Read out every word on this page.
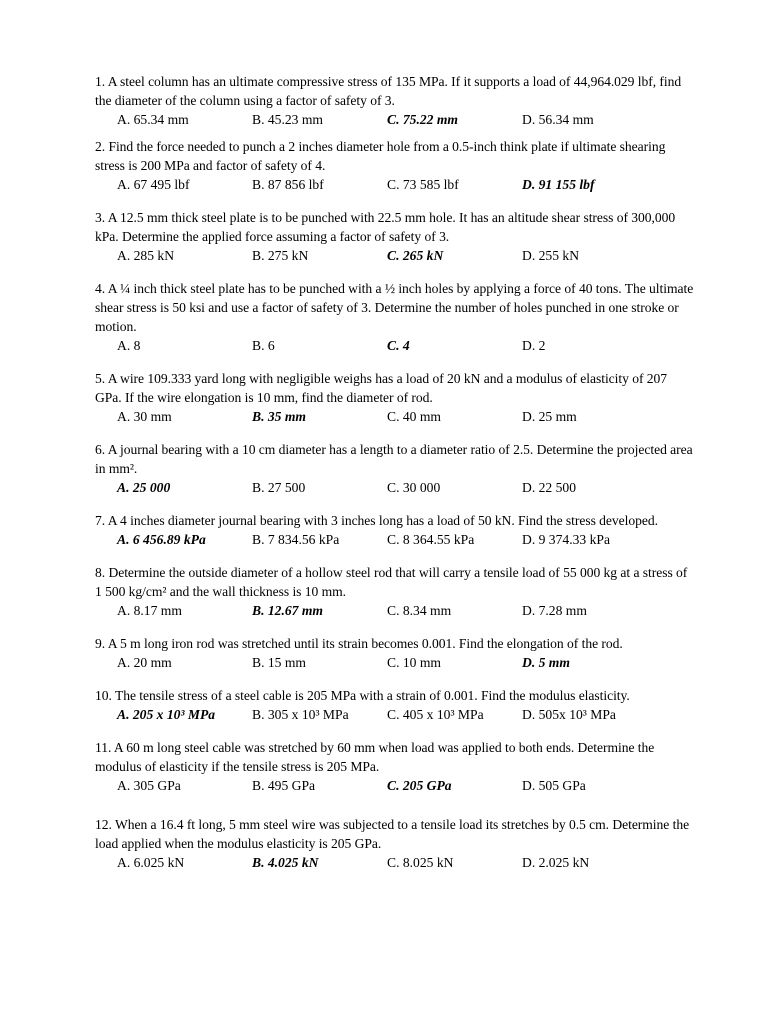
1. A steel column has an ultimate compressive stress of 135 MPa. If it supports a load of 44,964.029 lbf, find the diameter of the column using a factor of safety of 3.
A. 65.34 mm	B. 45.23 mm	C. 75.22 mm	D. 56.34 mm
2. Find the force needed to punch a 2 inches diameter hole from a 0.5-inch think plate if ultimate shearing stress is 200 MPa and factor of safety of 4.
A. 67 495 lbf	B. 87 856 lbf	C. 73 585 lbf	D. 91 155 lbf
3. A 12.5 mm thick steel plate is to be punched with 22.5 mm hole. It has an altitude shear stress of 300,000 kPa. Determine the applied force assuming a factor of safety of 3.
A. 285 kN	B. 275 kN	C. 265 kN	D. 255 kN
4. A ¼ inch thick steel plate has to be punched with a ½ inch holes by applying a force of 40 tons. The ultimate shear stress is 50 ksi and use a factor of safety of 3. Determine the number of holes punched in one stroke or motion.
A. 8	B. 6	C. 4	D. 2
5. A wire 109.333 yard long with negligible weighs has a load of 20 kN and a modulus of elasticity of 207 GPa. If the wire elongation is 10 mm, find the diameter of rod.
A. 30 mm	B. 35 mm	C. 40 mm	D. 25 mm
6. A journal bearing with a 10 cm diameter has a length to a diameter ratio of 2.5. Determine the projected area in mm².
A. 25 000	B. 27 500	C. 30 000	D. 22 500
7. A 4 inches diameter journal bearing with 3 inches long has a load of 50 kN. Find the stress developed.
A. 6 456.89 kPa	B. 7 834.56 kPa	C. 8 364.55 kPa	D. 9 374.33 kPa
8. Determine the outside diameter of a hollow steel rod that will carry a tensile load of 55 000 kg at a stress of 1 500 kg/cm² and the wall thickness is 10 mm.
A. 8.17 mm	B. 12.67 mm	C. 8.34 mm	D. 7.28 mm
9. A 5 m long iron rod was stretched until its strain becomes 0.001. Find the elongation of the rod.
A. 20 mm	B. 15 mm	C. 10 mm	D. 5 mm
10. The tensile stress of a steel cable is 205 MPa with a strain of 0.001. Find the modulus elasticity.
A. 205 x 10³ MPa	B. 305 x 10³ MPa	C. 405 x 10³ MPa	D. 505x 10³ MPa
11. A 60 m long steel cable was stretched by 60 mm when load was applied to both ends. Determine the modulus of elasticity if the tensile stress is 205 MPa.
A. 305 GPa	B. 495 GPa	C. 205 GPa	D. 505 GPa
12. When a 16.4 ft long, 5 mm steel wire was subjected to a tensile load its stretches by 0.5 cm. Determine the load applied when the modulus elasticity is 205 GPa.
A. 6.025 kN	B. 4.025 kN	C. 8.025 kN	D. 2.025 kN
